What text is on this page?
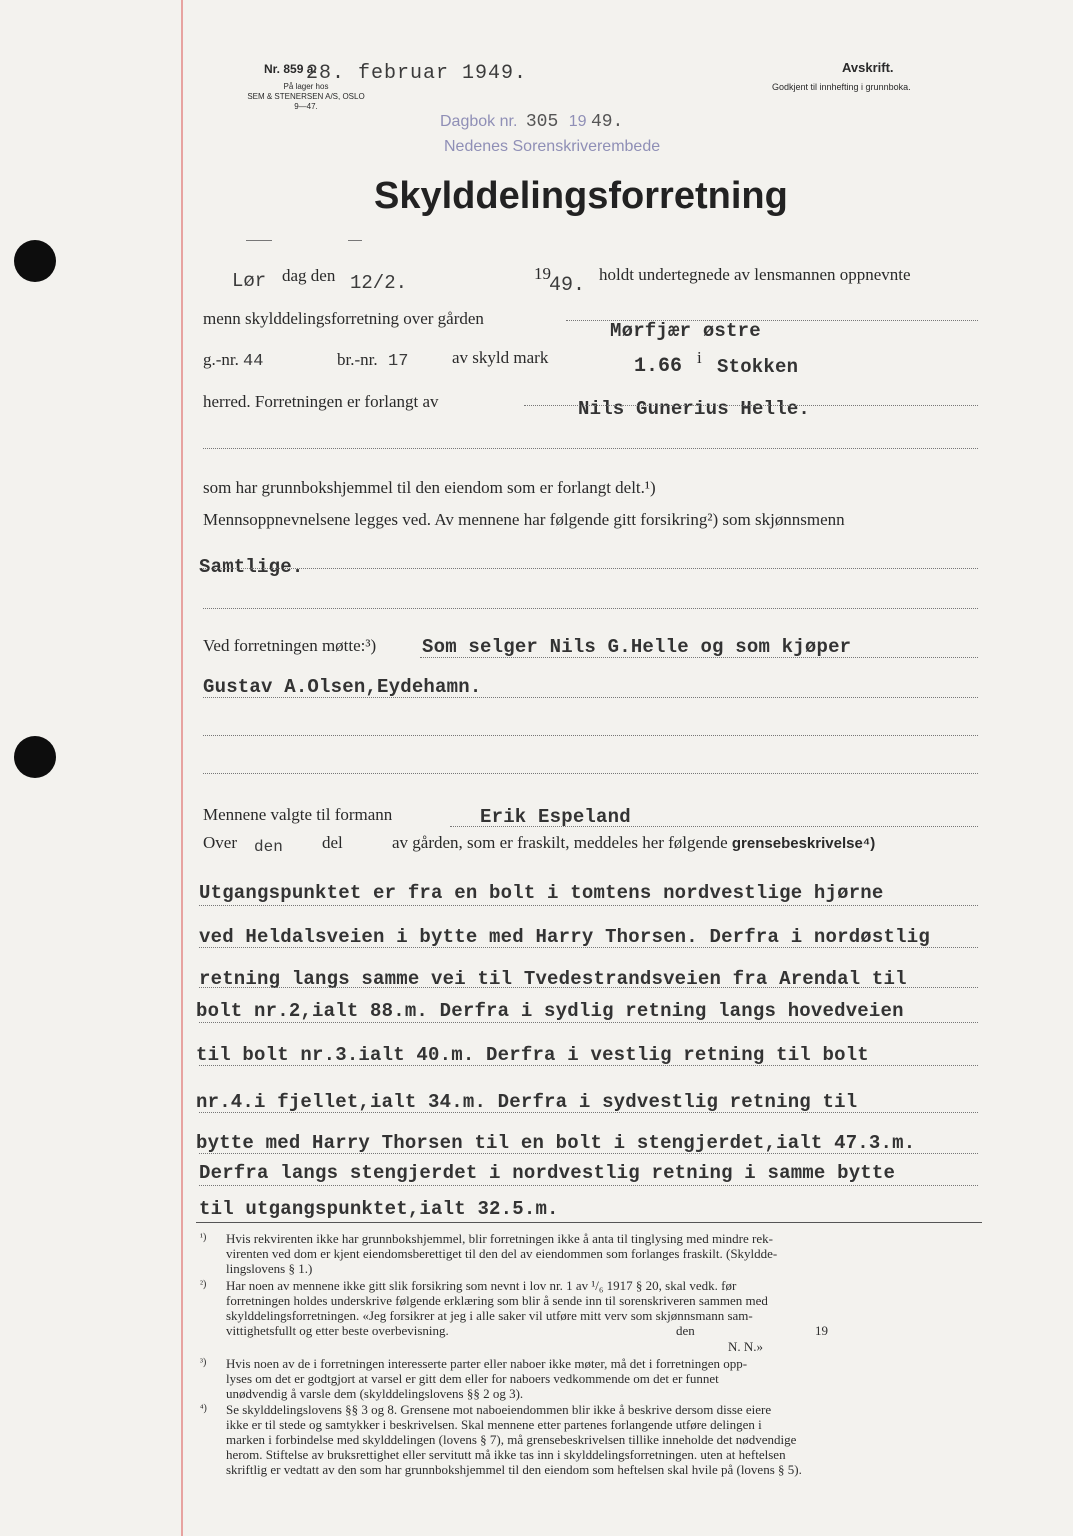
Nr. 859 a.
På lager hos
SEM & STENERSEN A/S, OSLO
9—47.
28. februar 1949.	Avskrift.
Godkjent til innhefting i grunnboka.
Dagbok nr. 305 19 49.
Nedenes Sorenskriverembede
Skylddelingsforretning
Lør dag den 12/2.	19
49. holdt undertegnede av lensmannen oppnevnte
menn skylddelingsforretning over gården
Mørfjær østre
g.-nr. 44	br.-nr. 17	av skyld mark	1.66 i Stokken
herred. Forretningen er forlangt av	Nils Gunerius Helle.
som har grunnbokshjemmel til den eiendom som er forlangt delt.¹)
Mennsoppnevnelsene legges ved. Av mennene har følgende gitt forsikring²) som skjønnsmenn
Samtlige.
Ved forretningen møtte:³) Som selger Nils G.Helle og som kjøper
Gustav A.Olsen,Eydehamn.
Mennene valgte til formann	Erik Espeland
Over den del	av gården, som er fraskilt, meddeles her følgende grensebeskrivelse⁴)
Utgangspunktet er fra en bolt i tomtens nordvestlige hjørne
ved Heldalsveien i bytte med Harry Thorsen. Derfra i nordøstlig
retning langs samme vei til Tvedestrandsveien fra Arendal til
bolt nr.2,ialt 88.m. Derfra i sydlig retning langs hovedveien
til bolt nr.3.ialt 40.m. Derfra i vestlig retning til bolt
nr.4.i fjellet,ialt 34.m. Derfra i sydvestlig retning til
bytte med Harry Thorsen til en bolt i stengjerdet,ialt 47.3.m.
Derfra langs stengjerdet i nordvestlig retning i samme bytte
til utgangspunktet,ialt 32.5.m.
¹) Hvis rekvirenten ikke har grunnbokshjemmel, blir forretningen ikke å anta til tinglysing med mindre rek-
virenten ved dom er kjent eiendomsberettiget til den del av eiendommen som forlanges fraskilt. (Skyldde-
lingslovens § 1.)
²) Har noen av mennene ikke gitt slik forsikring som nevnt i lov nr. 1 av ¹/₆ 1917 § 20, skal vedk. før
forretningen holdes underskrive følgende erklæring som blir å sende inn til sorenskriveren sammen med
skylddelingsforretningen. «Jeg forsikrer at jeg i alle saker vil utføre mitt verv som skjønnsmann sam-
vittighetsfullt og etter beste overbevisning.	den	19
N. N.»
³) Hvis noen av de i forretningen interesserte parter eller naboer ikke møter, må det i forretningen opp-
lyses om det er godtgjort at varsel er gitt dem eller for naboers vedkommende om det er funnet
unødvendig å varsle dem (skylddelingslovens §§ 2 og 3).
⁴) Se skylddelingslovens §§ 3 og 8. Grensene mot naboeiendommen blir ikke å beskrive dersom disse eiere
ikke er til stede og samtykker i beskrivelsen. Skal mennene etter partenes forlangende utføre delingen i
marken i forbindelse med skylddelingen (lovens § 7), må grensebeskrivelsen tillike inneholde det nødvendige
herom. Stiftelse av bruksrettighet eller servitutt må ikke tas inn i skylddelingsforretningen. uten at heftelsen
skriftlig er vedtatt av den som har grunnbokshjemmel til den eiendom som heftelsen skal hvile på (lovens § 5).
